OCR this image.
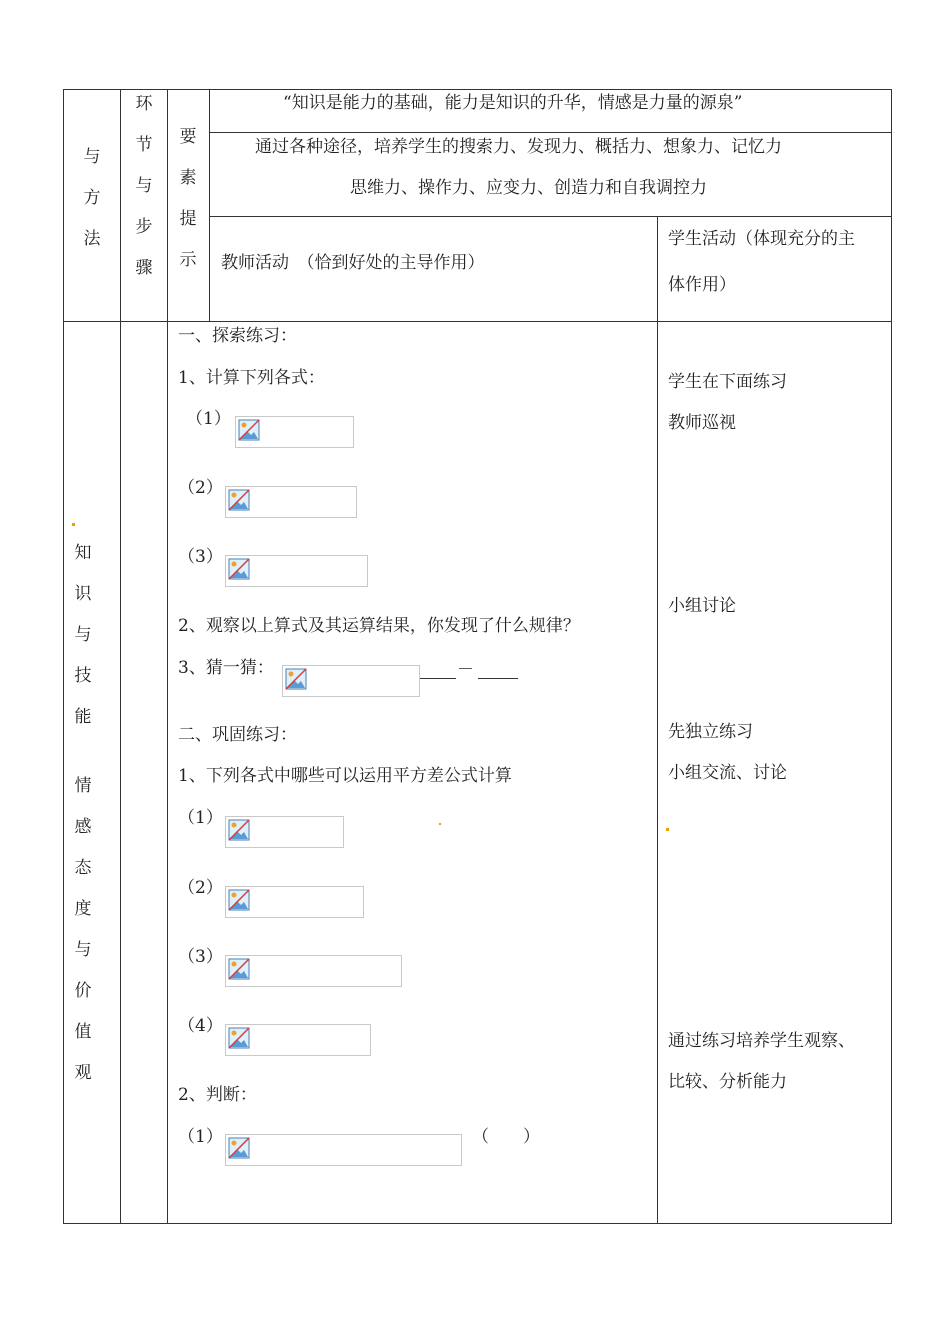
与
方
法
环
节
与
步
骤
要
素
提
示
“知识是能力的基础，能力是知识的升华，情感是力量的源泉”
通过各种途径，培养学生的搜索力、发现力、概括力、想象力、记忆力
思维力、操作力、应变力、创造力和自我调控力
教师活动　（恰到好处的主导作用）
学生活动（体现充分的主
体作用）
知
识
与
技
能
情
感
态
度
与
价
值
观
一、探索练习：
1、计算下列各式：
（1）
（2）
（3）
2、观察以上算式及其运算结果，你发现了什么规律？
3、猜一猜：	－
二、巩固练习：
1、下列各式中哪些可以运用平方差公式计算
（1）
（2）
（3）
（4）
2、判断：
（1）	（　　）
学生在下面练习
教师巡视
小组讨论
先独立练习
小组交流、讨论
通过练习培养学生观察、
比较、分析能力
